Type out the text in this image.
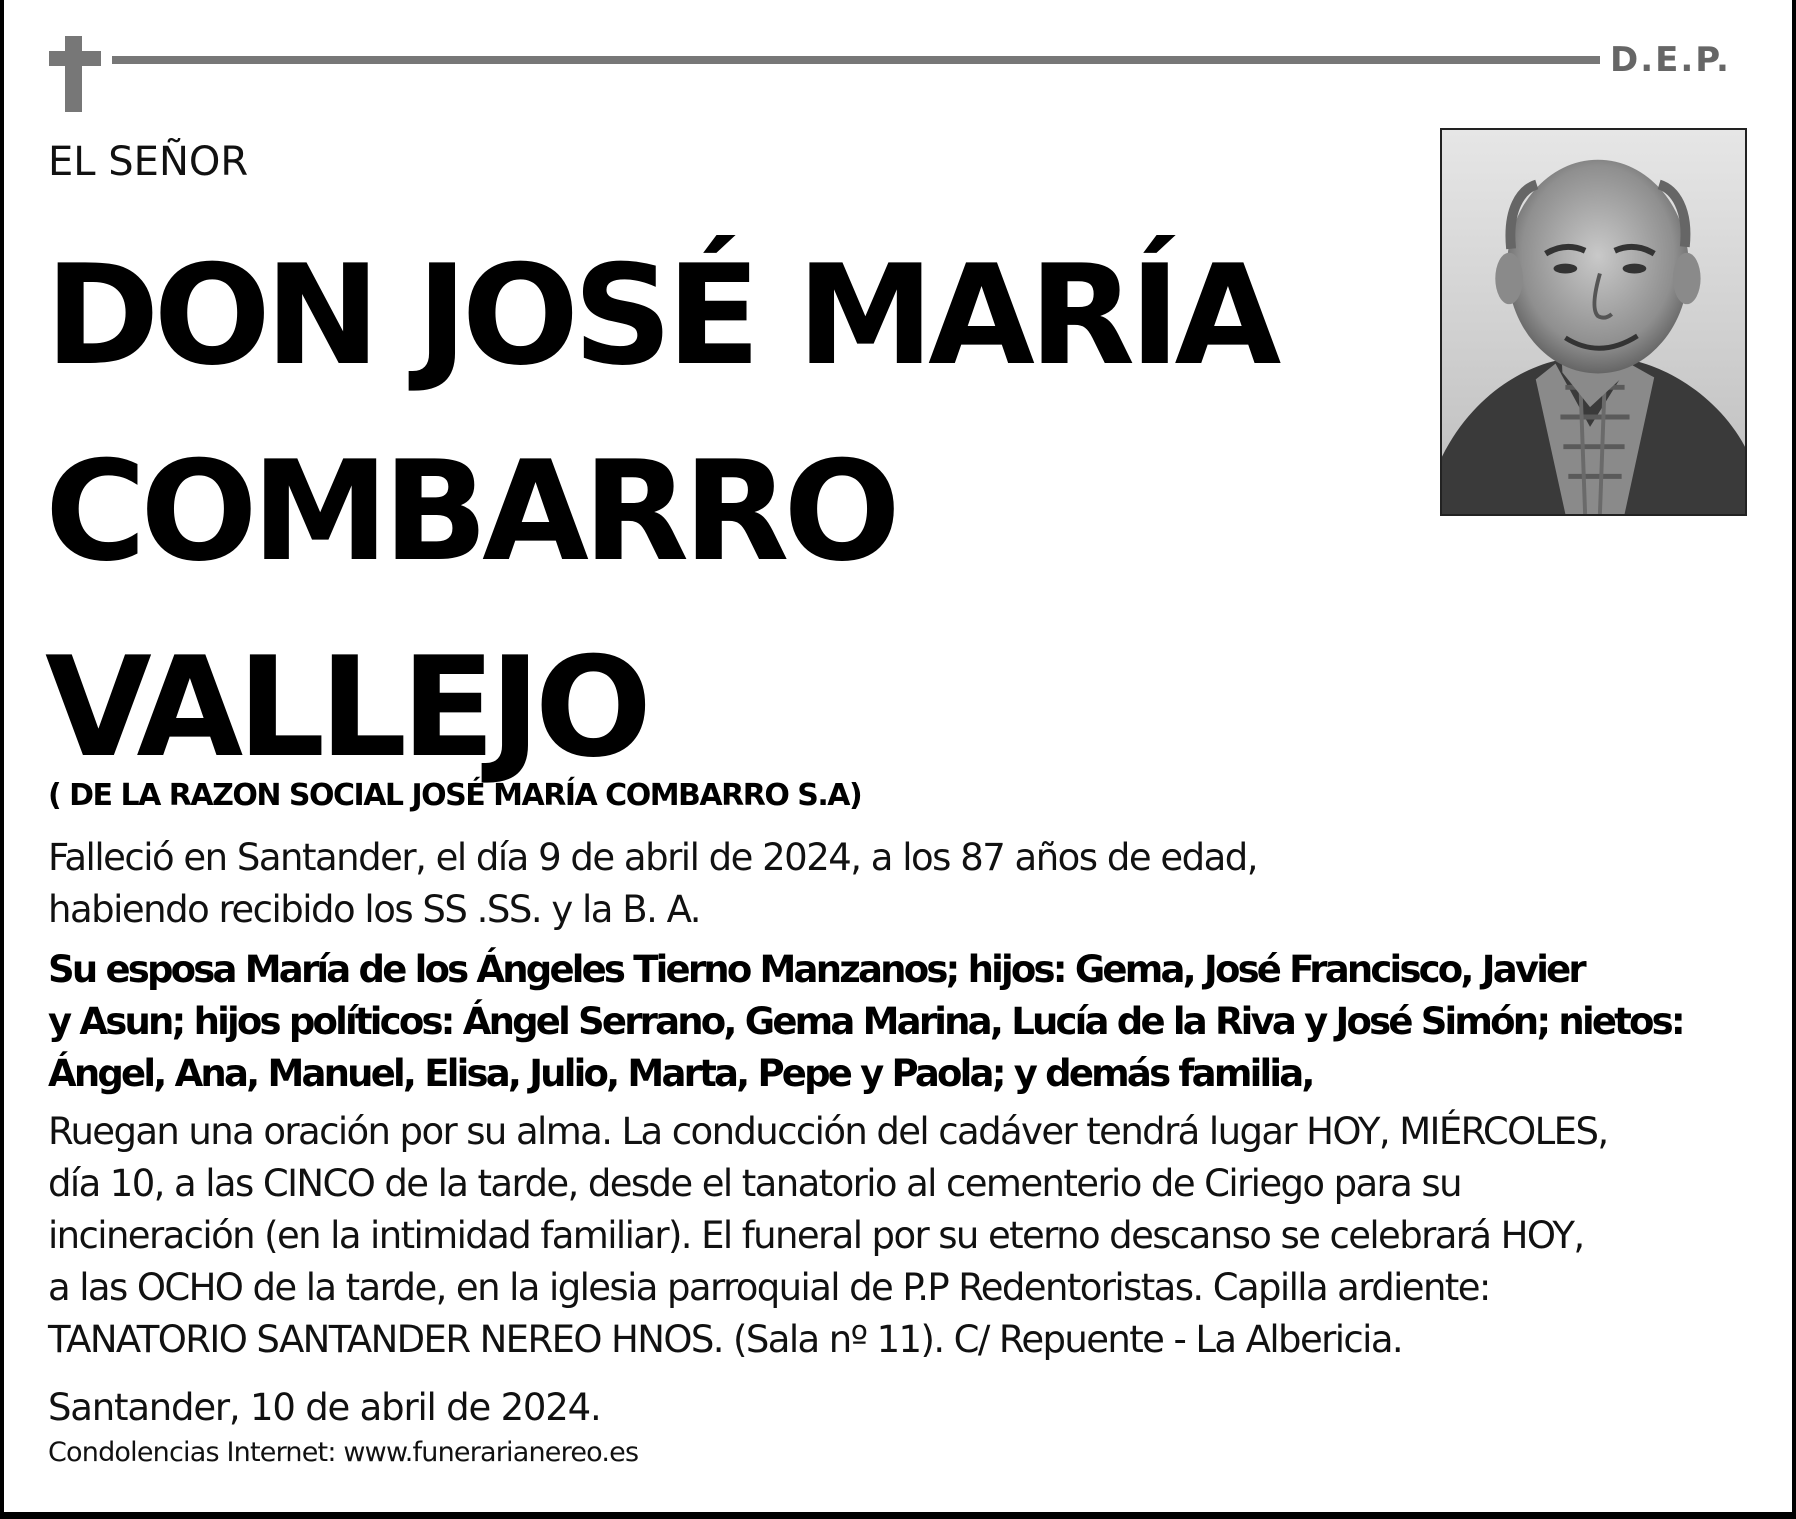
D.E.P.
EL SEÑOR
DON JOSÉ MARÍA
COMBARRO
VALLEJO
( DE LA RAZON SOCIAL JOSÉ MARÍA COMBARRO S.A)
Falleció en Santander, el día 9 de abril de 2024, a los 87 años de edad,
habiendo recibido los SS .SS. y la B. A.
Su esposa María de los Ángeles Tierno Manzanos; hijos: Gema, José Francisco, Javier
y Asun; hijos políticos: Ángel Serrano, Gema Marina, Lucía de la Riva y José Simón; nietos:
Ángel, Ana, Manuel, Elisa, Julio, Marta, Pepe y Paola; y demás familia,
Ruegan una oración por su alma. La conducción del cadáver tendrá lugar HOY, MIÉRCOLES,
día 10, a las CINCO de la tarde, desde el tanatorio al cementerio de Ciriego para su
incineración (en la intimidad familiar). El funeral por su eterno descanso se celebrará HOY,
a las OCHO de la tarde, en la iglesia parroquial de P.P Redentoristas. Capilla ardiente:
TANATORIO SANTANDER NEREO HNOS. (Sala nº 11). C/ Repuente - La Albericia.
Santander, 10 de abril de 2024.
Condolencias Internet: www.funerarianereo.es
